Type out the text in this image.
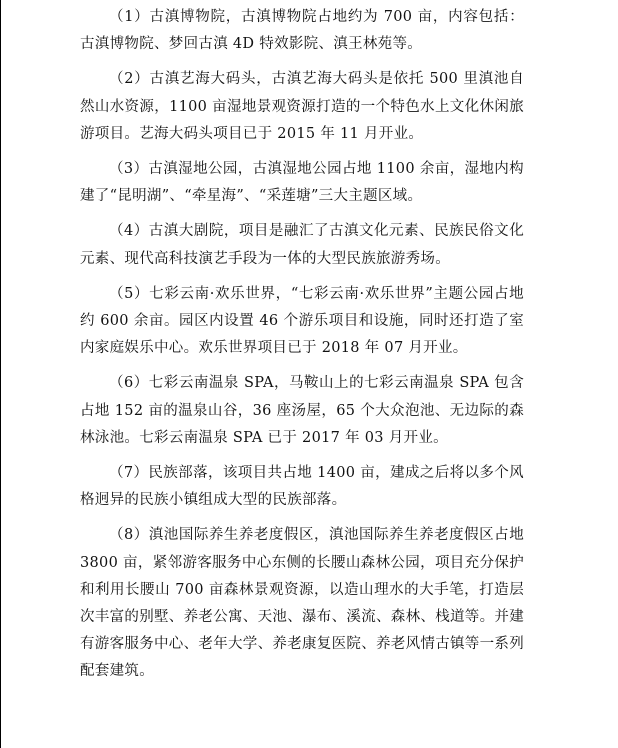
（1）古滇博物院，古滇博物院占地约为 700 亩，内容包括：古滇博物院、梦回古滇 4D 特效影院、滇王林苑等。

（2）古滇艺海大码头，古滇艺海大码头是依托 500 里滇池自然山水资源，1100 亩湿地景观资源打造的一个特色水上文化休闲旅游项目。艺海大码头项目已于 2015 年 11 月开业。

（3）古滇湿地公园，古滇湿地公园占地 1100 余亩，湿地内构建了“昆明湖”、“牵星海”、“采莲塘”三大主题区域。

（4）古滇大剧院，项目是融汇了古滇文化元素、民族民俗文化元素、现代高科技演艺手段为一体的大型民族旅游秀场。

（5）七彩云南·欢乐世界，“七彩云南·欢乐世界”主题公园占地约 600 余亩。园区内设置 46 个游乐项目和设施，同时还打造了室内家庭娱乐中心。欢乐世界项目已于 2018 年 07 月开业。

（6）七彩云南温泉 SPA，马鞍山上的七彩云南温泉 SPA 包含占地 152 亩的温泉山谷，36 座汤屋，65 个大众泡池、无边际的森林泳池。七彩云南温泉 SPA 已于 2017 年 03 月开业。

（7）民族部落，该项目共占地 1400 亩，建成之后将以多个风格迥异的民族小镇组成大型的民族部落。

（8）滇池国际养生养老度假区，滇池国际养生养老度假区占地 3800 亩，紧邻游客服务中心东侧的长腰山森林公园，项目充分保护和利用长腰山 700 亩森林景观资源，以造山理水的大手笔，打造层次丰富的别墅、养老公寓、天池、瀑布、溪流、森林、栈道等。并建有游客服务中心、老年大学、养老康复医院、养老风情古镇等一系列配套建筑。
